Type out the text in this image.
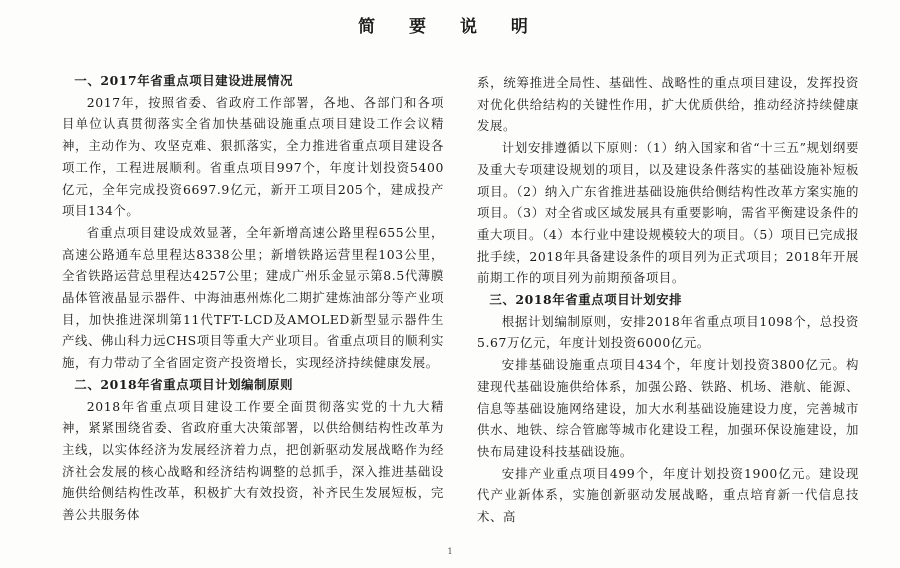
简 要 说 明
一、2017年省重点项目建设进展情况

2017年，按照省委、省政府工作部署，各地、各部门和各项目单位认真贯彻落实全省加快基础设施重点项目建设工作会议精神，主动作为、攻坚克难、狠抓落实，全力推进省重点项目建设各项工作，工程进展顺利。省重点项目997个，年度计划投资5400亿元，全年完成投资6697.9亿元，新开工项目205个，建成投产项目134个。

省重点项目建设成效显著，全年新增高速公路里程655公里，高速公路通车总里程达8338公里；新增铁路运营里程103公里，全省铁路运营总里程达4257公里；建成广州乐金显示第8.5代薄膜晶体管液晶显示器件、中海油惠州炼化二期扩建炼油部分等产业项目，加快推进深圳第11代TFT-LCD及AMOLED新型显示器件生产线、佛山科力远CHS项目等重大产业项目。省重点项目的顺利实施，有力带动了全省固定资产投资增长，实现经济持续健康发展。

二、2018年省重点项目计划编制原则

2018年省重点项目建设工作要全面贯彻落实党的十九大精神，紧紧围绕省委、省政府重大决策部署，以供给侧结构性改革为主线，以实体经济为发展经济着力点，把创新驱动发展战略作为经济社会发展的核心战略和经济结构调整的总抓手，深入推进基础设施供给侧结构性改革，积极扩大有效投资，补齐民生发展短板，完善公共服务体

系，统筹推进全局性、基础性、战略性的重点项目建设，发挥投资对优化供给结构的关键性作用，扩大优质供给，推动经济持续健康发展。

计划安排遵循以下原则：（1）纳入国家和省“十三五”规划纲要及重大专项建设规划的项目，以及建设条件落实的基础设施补短板项目。（2）纳入广东省推进基础设施供给侧结构性改革方案实施的项目。（3）对全省或区域发展具有重要影响，需省平衡建设条件的重大项目。（4）本行业中建设规模较大的项目。（5）项目已完成报批手续，2018年具备建设条件的项目列为正式项目；2018年开展前期工作的项目列为前期预备项目。

三、2018年省重点项目计划安排

根据计划编制原则，安排2018年省重点项目1098个，总投资5.67万亿元，年度计划投资6000亿元。

安排基础设施重点项目434个，年度计划投资3800亿元。构建现代基础设施供给体系，加强公路、铁路、机场、港航、能源、信息等基础设施网络建设，加大水利基础设施建设力度，完善城市供水、地铁、综合管廊等城市化建设工程，加强环保设施建设，加快布局建设科技基础设施。

安排产业重点项目499个，年度计划投资1900亿元。建设现代产业新体系，实施创新驱动发展战略，重点培育新一代信息技术、高

1
